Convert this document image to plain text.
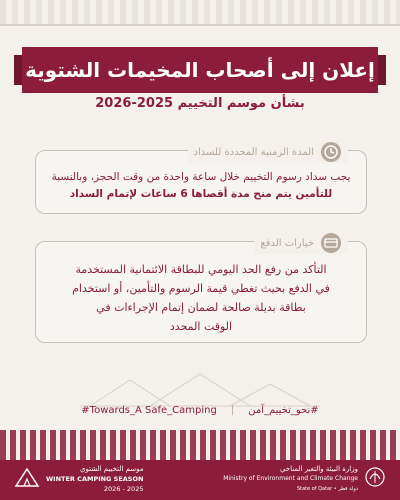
إعلان إلى أصحاب المخيمات الشتوية
بشأن موسم التخييم 2025-2026
المدة الزمنية المحددة للسداد
يجب سداد رسوم التخييم خلال ساعة واحدة من وقت الحجز، وبالنسبة
للتأمين يتم منح مدة أقصاها 6 ساعات لإتمام السداد
خيارات الدفع
التأكد من رفع الحد اليومي للبطاقة الائتمانية المستخدمة
في الدفع بحيث تغطي قيمة الرسوم والتأمين، أو استخدام
بطاقة بديلة صالحة لضمان إتمام الإجراءات في
الوقت المحدد
#Towards_A Safe_Camping | #نحو_تخييم_آمن
موسم التخييم الشتوي
WINTER CAMPING SEASON
2026 - 2025
وزارة البيئة والتغير المناخي
Ministry of Environment and Climate Change
State of Qatar • دولة قطر
